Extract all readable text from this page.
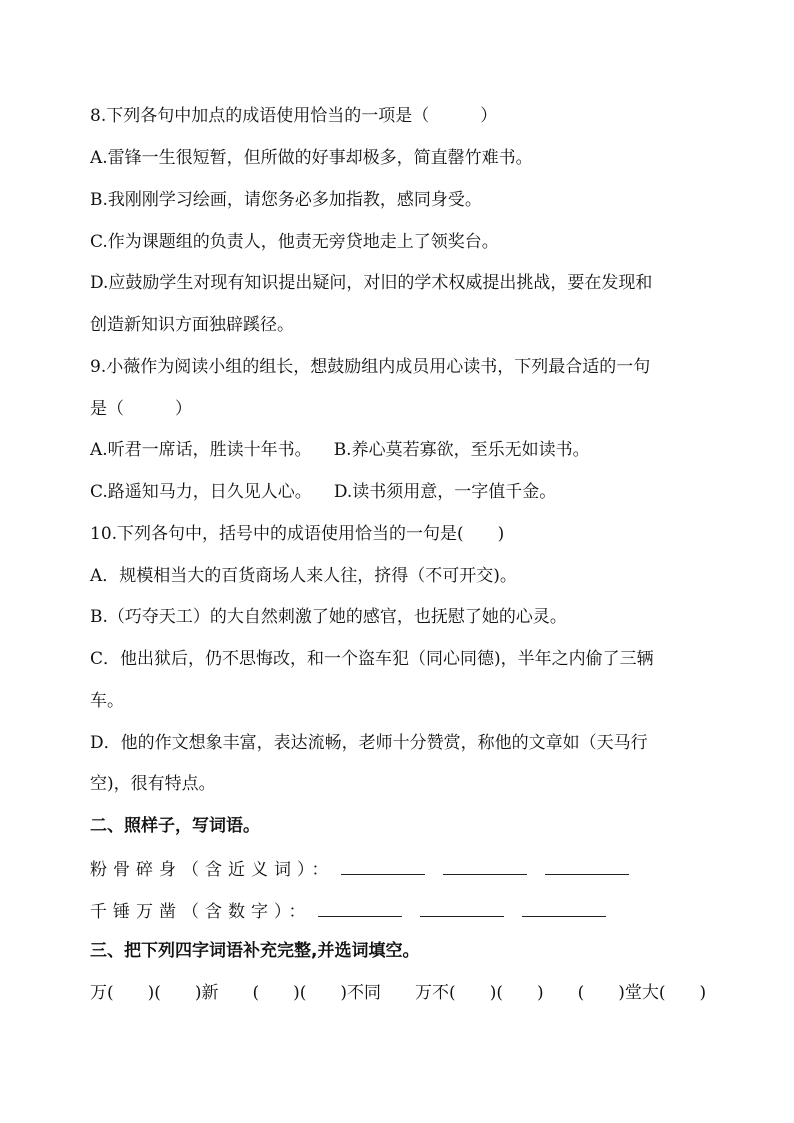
8.下列各句中加点的成语使用恰当的一项是（　　　）
A.雷锋一生很短暂，但所做的好事却极多，简直罄竹难书。
B.我刚刚学习绘画，请您务必多加指教，感同身受。
C.作为课题组的负责人，他责无旁贷地走上了领奖台。
D.应鼓励学生对现有知识提出疑问，对旧的学术权威提出挑战，要在发现和
创造新知识方面独辟蹊径。
9.小薇作为阅读小组的组长，想鼓励组内成员用心读书，下列最合适的一句
是（　　　）
A.听君一席话，胜读十年书。 B.养心莫若寡欲，至乐无如读书。
C.路遥知马力，日久见人心。 D.读书须用意，一字值千金。
10.下列各句中，括号中的成语使用恰当的一句是(　　)
A．规模相当大的百货商场人来人往，挤得（不可开交)。
B.（巧夺天工）的大自然刺激了她的感官，也抚慰了她的心灵。
C．他出狱后，仍不思悔改，和一个盗车犯（同心同德)，半年之内偷了三辆
车。
D．他的作文想象丰富，表达流畅，老师十分赞赏，称他的文章如（天马行
空)，很有特点。
二、照样子，写词语。
粉骨碎身（含近义词）：
千锤万凿（含数字）：
三、把下列四字词语补充完整,并选词填空。
万(　　)(　　)新　　(　　)(　　)不同　　万不(　　)(　　)　　(　　)堂大(　　)
